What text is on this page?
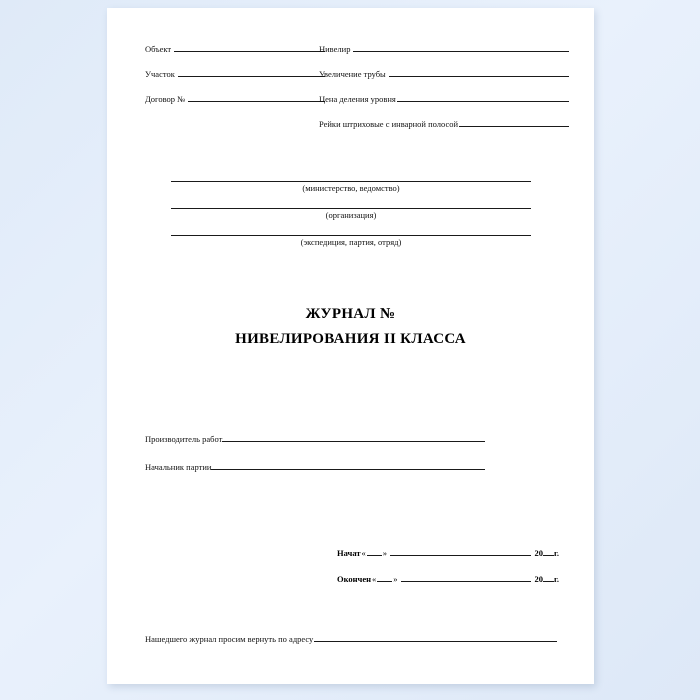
Объект
Участок
Договор №
Нивелир
Увеличение трубы
Цена деления уровня
Рейки штриховые с инварной полосой
(министерство, ведомство)
(организация)
(экспедиция, партия, отряд)
ЖУРНАЛ №
НИВЕЛИРОВАНИЯ II КЛАССА
Производитель работ
Начальник партии
Начат « »	20 г.
Окончен « »	20 г.
Нашедшего журнал просим вернуть по адресу
